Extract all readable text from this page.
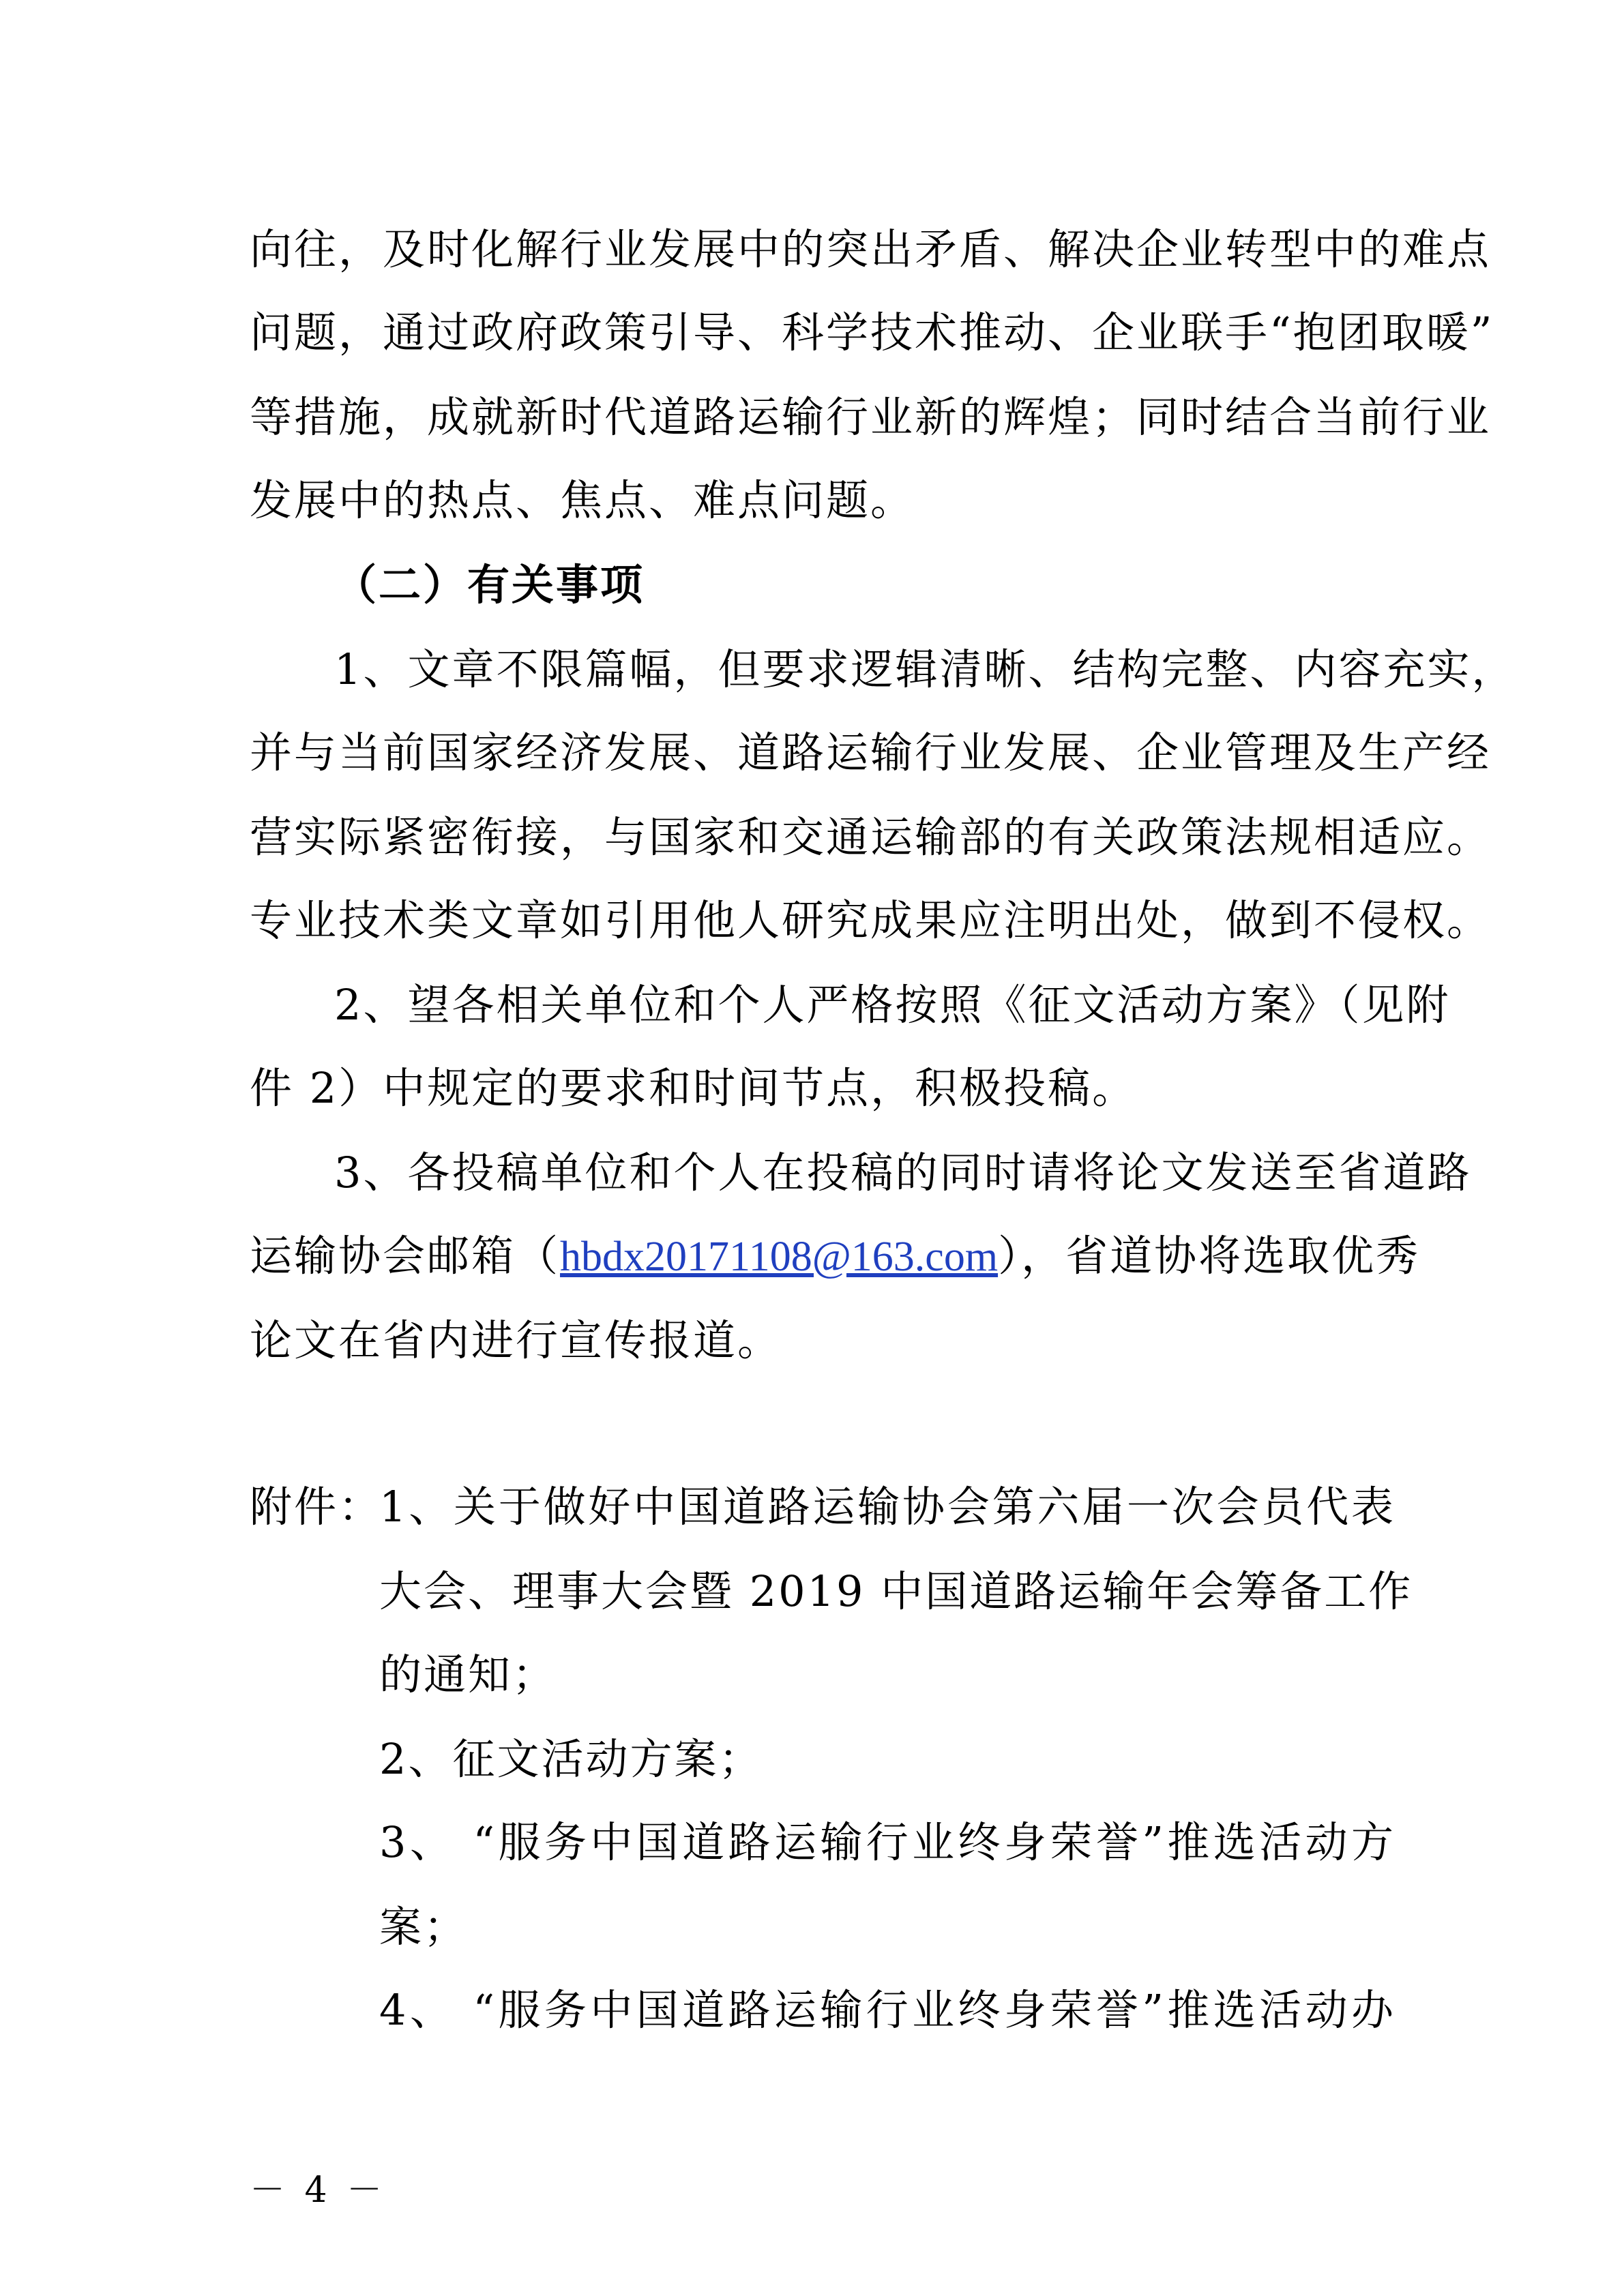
向往，及时化解行业发展中的突出矛盾、解决企业转型中的难点
问题，通过政府政策引导、科学技术推动、企业联手“抱团取暖”
等措施，成就新时代道路运输行业新的辉煌；同时结合当前行业
发展中的热点、焦点、难点问题。
（二）有关事项
1、文章不限篇幅，但要求逻辑清晰、结构完整、内容充实，
并与当前国家经济发展、道路运输行业发展、企业管理及生产经
营实际紧密衔接，与国家和交通运输部的有关政策法规相适应。
专业技术类文章如引用他人研究成果应注明出处，做到不侵权。
2、望各相关单位和个人严格按照《征文活动方案》（见附
件 2）中规定的要求和时间节点，积极投稿。
3、各投稿单位和个人在投稿的同时请将论文发送至省道路
运输协会邮箱（hbdx20171108@163.com），省道协将选取优秀
论文在省内进行宣传报道。
附件：
1、关于做好中国道路运输协会第六届一次会员代表
大会、理事大会暨 2019 中国道路运输年会筹备工作
的通知；
2、征文活动方案；
3、 “服务中国道路运输行业终身荣誉”推选活动方
案；
4、 “服务中国道路运输行业终身荣誉”推选活动办
－ 4 －
